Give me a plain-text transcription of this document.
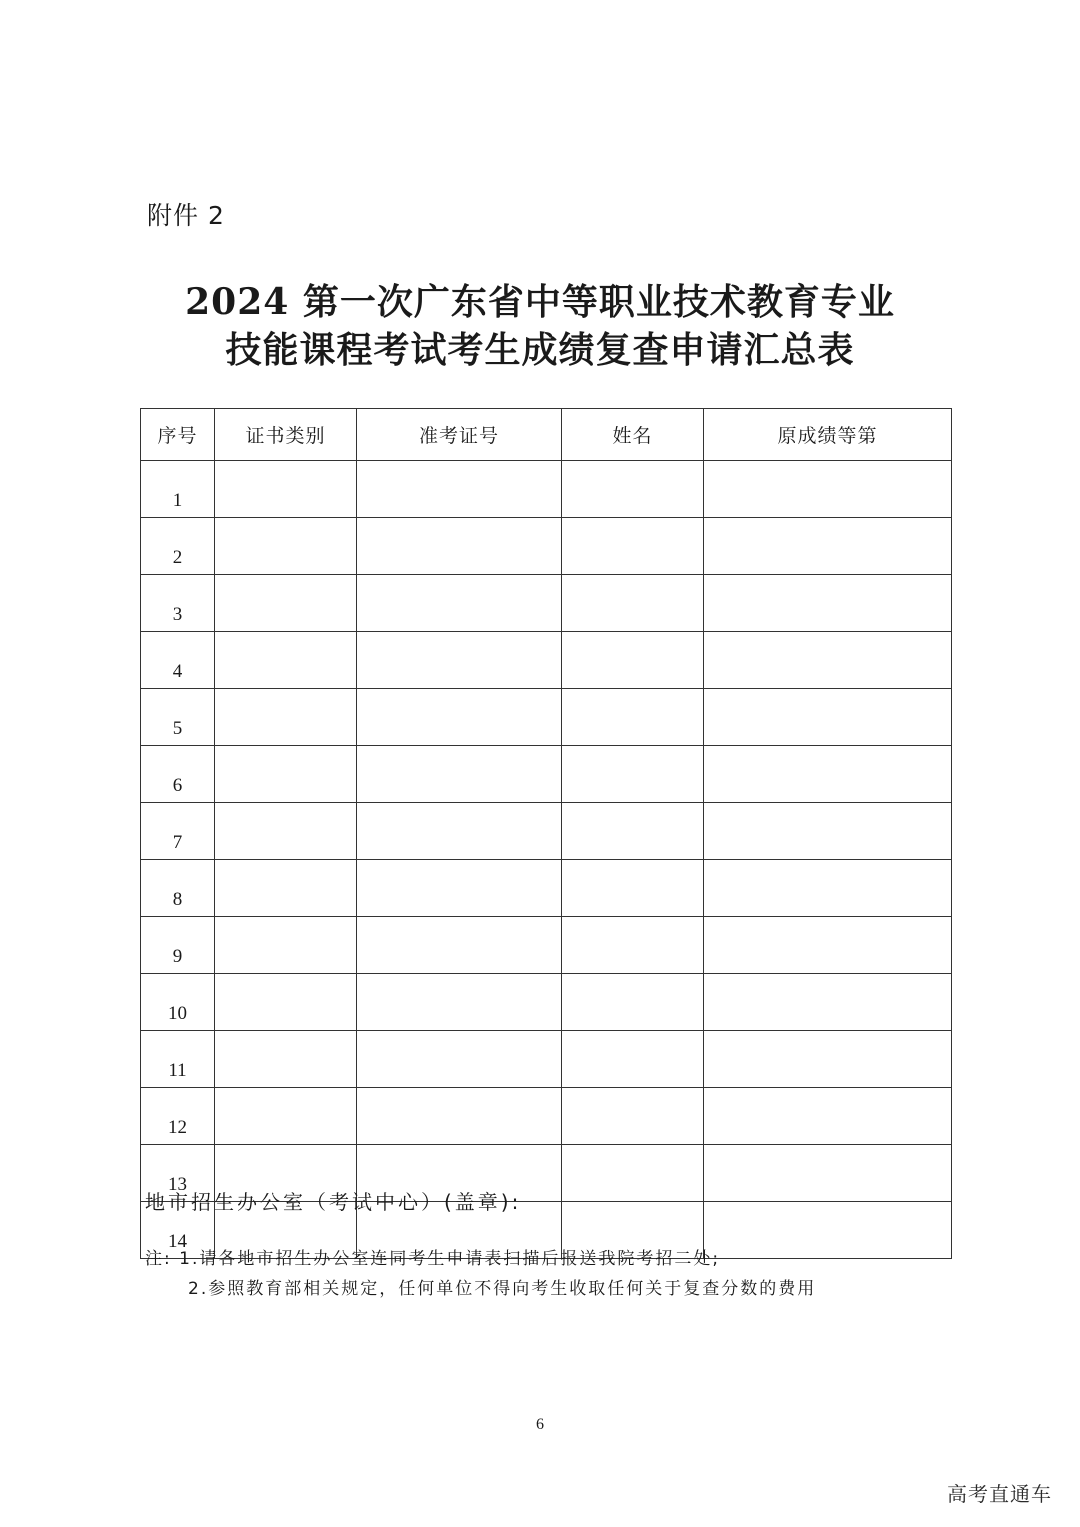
附件 2
2024 第一次广东省中等职业技术教育专业
技能课程考试考生成绩复查申请汇总表
序号	证书类别	准考证号	姓名	原成绩等第
1				
2				
3				
4				
5				
6				
7				
8				
9				
10				
11				
12				
13				
14				
地市招生办公室（考试中心）(盖章):
注: 1.请各地市招生办公室连同考生申请表扫描后报送我院考招二处;
2.参照教育部相关规定，任何单位不得向考生收取任何关于复查分数的费用
6
高考直通车
